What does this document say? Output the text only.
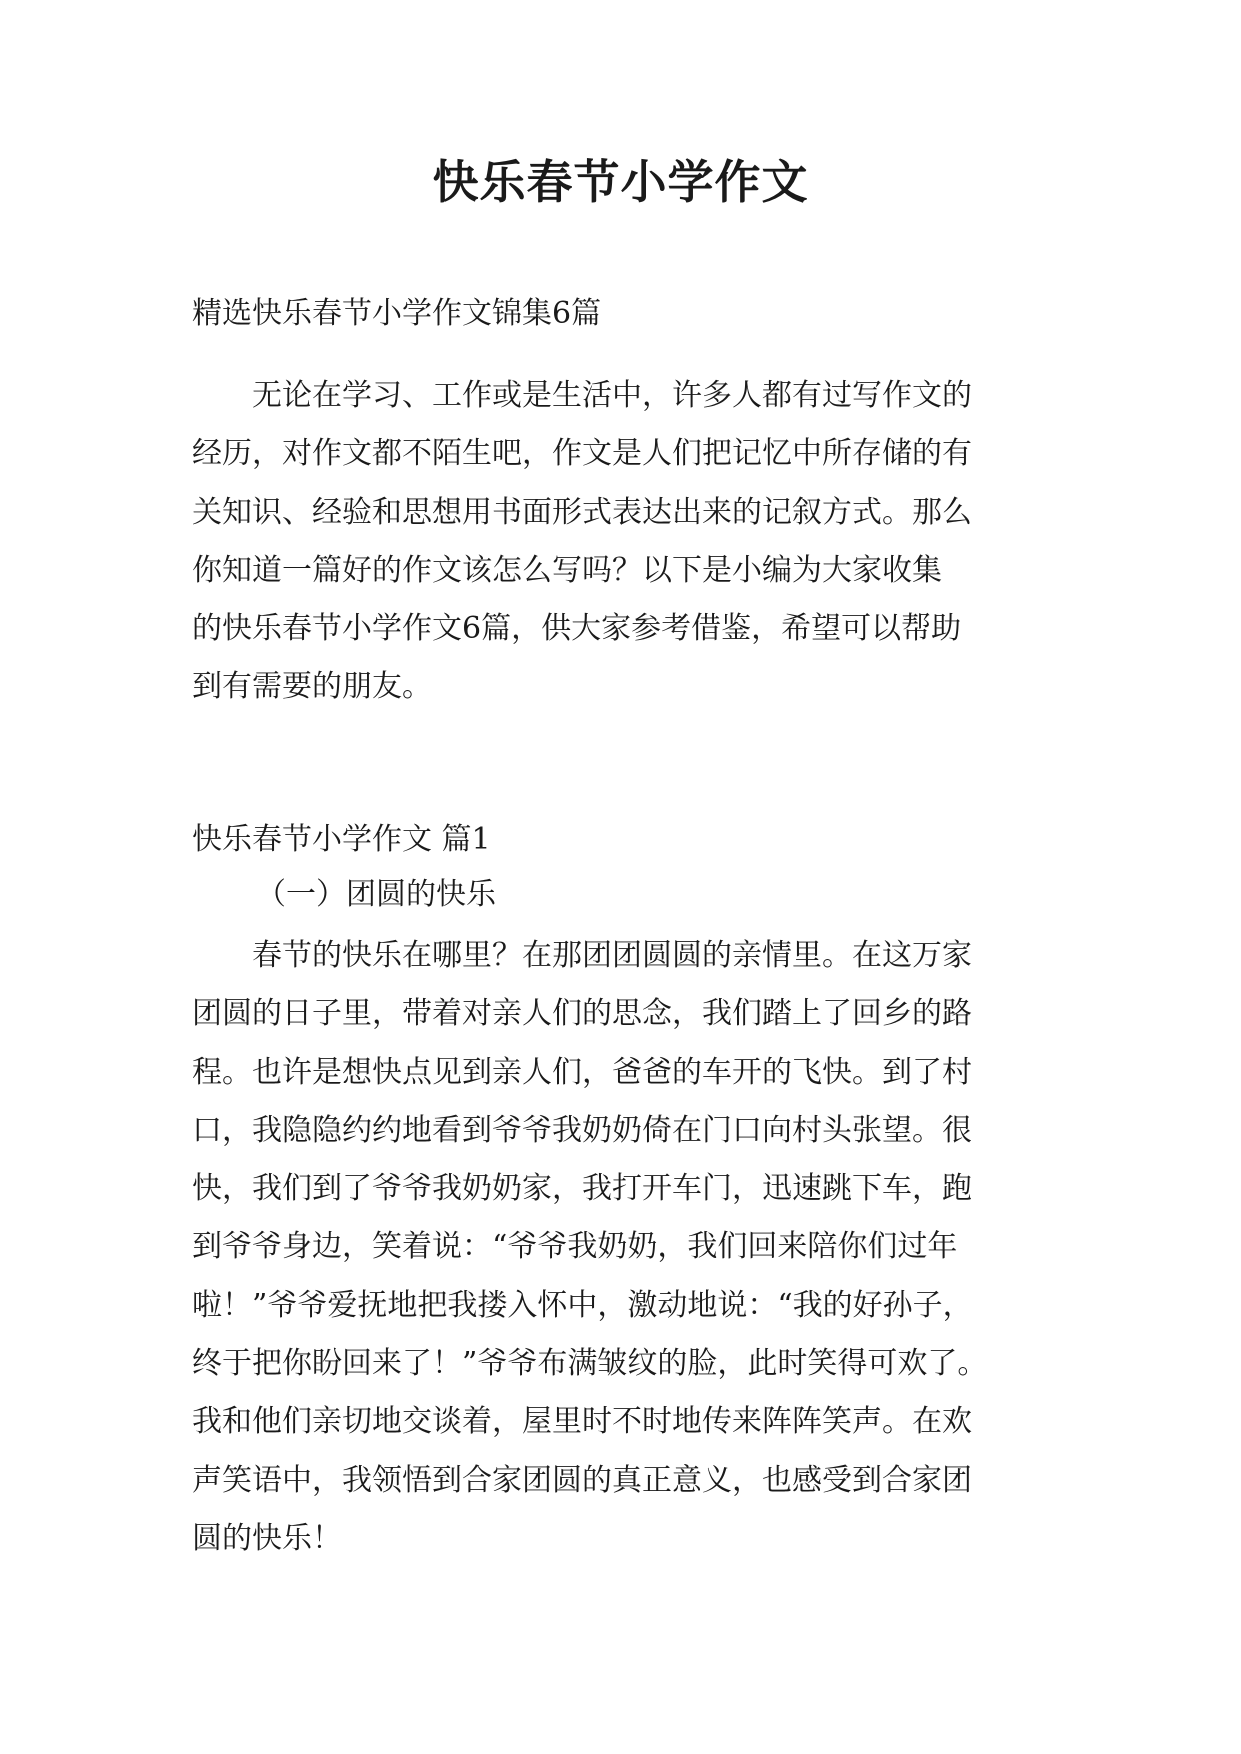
快乐春节小学作文
精选快乐春节小学作文锦集6篇

　　无论在学习、工作或是生活中，许多人都有过写作文的

经历，对作文都不陌生吧，作文是人们把记忆中所存储的有

关知识、经验和思想用书面形式表达出来的记叙方式。那么

你知道一篇好的作文该怎么写吗？以下是小编为大家收集

的快乐春节小学作文6篇，供大家参考借鉴，希望可以帮助

到有需要的朋友。

快乐春节小学作文 篇1
（一）团圆的快乐

　　春节的快乐在哪里？在那团团圆圆的亲情里。在这万家

团圆的日子里，带着对亲人们的思念，我们踏上了回乡的路

程。也许是想快点见到亲人们，爸爸的车开的飞快。到了村

口，我隐隐约约地看到爷爷我奶奶倚在门口向村头张望。很

快，我们到了爷爷我奶奶家，我打开车门，迅速跳下车，跑

到爷爷身边，笑着说：“爷爷我奶奶，我们回来陪你们过年

啦！”爷爷爱抚地把我搂入怀中，激动地说：“我的好孙子，

终于把你盼回来了！”爷爷布满皱纹的脸，此时笑得可欢了。

我和他们亲切地交谈着，屋里时不时地传来阵阵笑声。在欢

声笑语中，我领悟到合家团圆的真正意义，也感受到合家团

圆的快乐！
